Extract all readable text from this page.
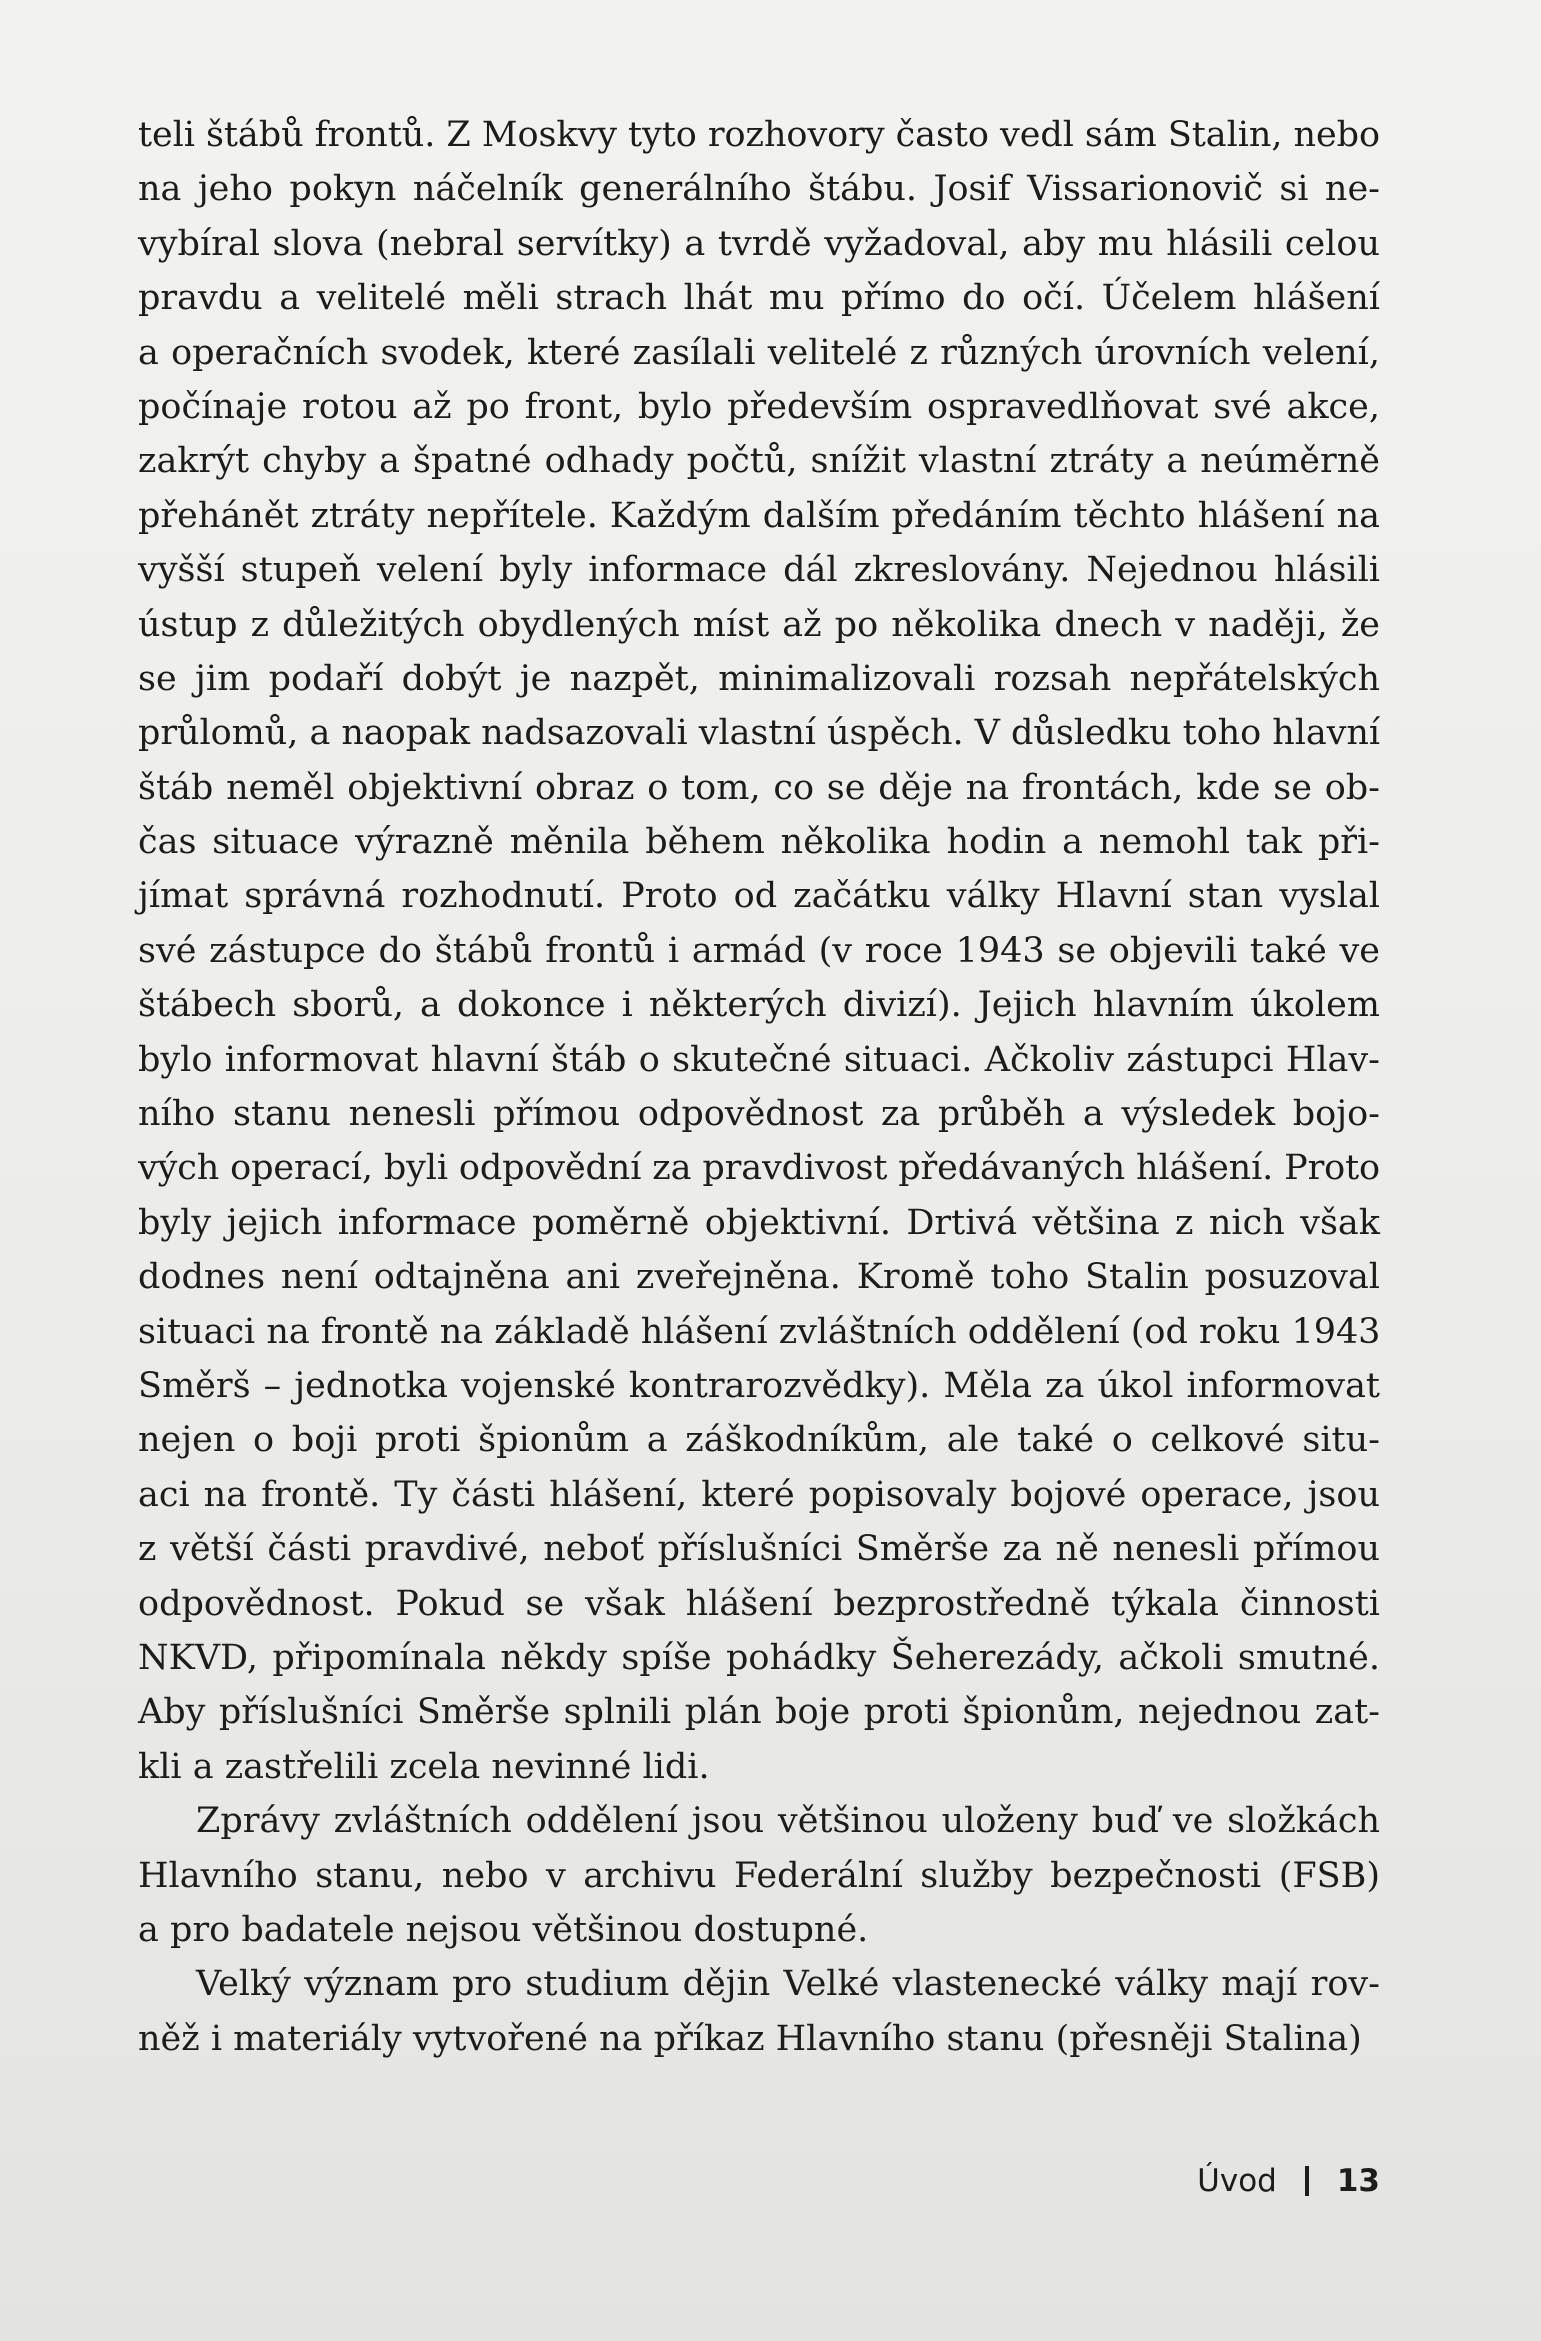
teli štábů frontů. Z Moskvy tyto rozhovory často vedl sám Stalin, nebo
na jeho pokyn náčelník generálního štábu. Josif Vissarionovič si ne-
vybíral slova (nebral servítky) a tvrdě vyžadoval, aby mu hlásili celou
pravdu a velitelé měli strach lhát mu přímo do očí. Účelem hlášení
a operačních svodek, které zasílali velitelé z různých úrovních velení,
počínaje rotou až po front, bylo především ospravedlňovat své akce,
zakrýt chyby a špatné odhady počtů, snížit vlastní ztráty a neúměrně
přehánět ztráty nepřítele. Každým dalším předáním těchto hlášení na
vyšší stupeň velení byly informace dál zkreslovány. Nejednou hlásili
ústup z důležitých obydlených míst až po několika dnech v naději, že
se jim podaří dobýt je nazpět, minimalizovali rozsah nepřátelských
průlomů, a naopak nadsazovali vlastní úspěch. V důsledku toho hlavní
štáb neměl objektivní obraz o tom, co se děje na frontách, kde se ob-
čas situace výrazně měnila během několika hodin a nemohl tak při-
jímat správná rozhodnutí. Proto od začátku války Hlavní stan vyslal
své zástupce do štábů frontů i armád (v roce 1943 se objevili také ve
štábech sborů, a dokonce i některých divizí). Jejich hlavním úkolem
bylo informovat hlavní štáb o skutečné situaci. Ačkoliv zástupci Hlav-
ního stanu nenesli přímou odpovědnost za průběh a výsledek bojo-
vých operací, byli odpovědní za pravdivost předávaných hlášení. Proto
byly jejich informace poměrně objektivní. Drtivá většina z nich však
dodnes není odtajněna ani zveřejněna. Kromě toho Stalin posuzoval
situaci na frontě na základě hlášení zvláštních oddělení (od roku 1943
Směrš – jednotka vojenské kontrarozvědky). Měla za úkol informovat
nejen o boji proti špionům a záškodníkům, ale také o celkové situ-
aci na frontě. Ty části hlášení, které popisovaly bojové operace, jsou
z větší části pravdivé, neboť příslušníci Směrše za ně nenesli přímou
odpovědnost. Pokud se však hlášení bezprostředně týkala činnosti
NKVD, připomínala někdy spíše pohádky Šeherezády, ačkoli smutné.
Aby příslušníci Směrše splnili plán boje proti špionům, nejednou zat-
kli a zastřelili zcela nevinné lidi.
Zprávy zvláštních oddělení jsou většinou uloženy buď ve složkách
Hlavního stanu, nebo v archivu Federální služby bezpečnosti (FSB)
a pro badatele nejsou většinou dostupné.
Velký význam pro studium dějin Velké vlastenecké války mají rov-
něž i materiály vytvořené na příkaz Hlavního stanu (přesněji Stalina)
Úvod 13
